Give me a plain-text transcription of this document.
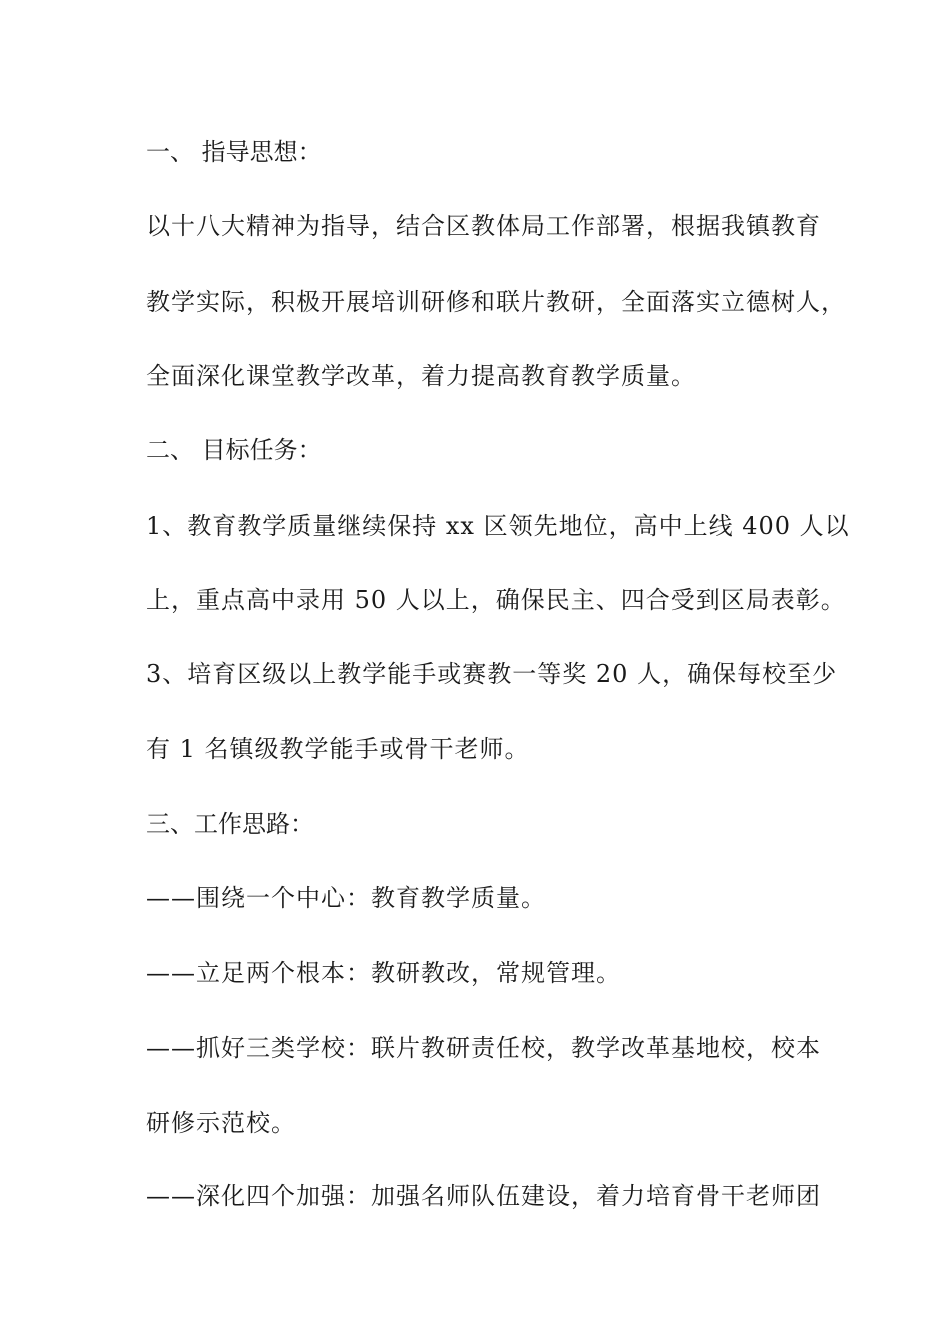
一、 指导思想：
以十八大精神为指导，结合区教体局工作部署，根据我镇教育
教学实际，积极开展培训研修和联片教研，全面落实立德树人，
全面深化课堂教学改革，着力提高教育教学质量。
二、 目标任务：
1、教育教学质量继续保持 xx 区领先地位，高中上线 400 人以
上，重点高中录用 50 人以上，确保民主、四合受到区局表彰。
3、培育区级以上教学能手或赛教一等奖 20 人，确保每校至少
有 1 名镇级教学能手或骨干老师。
三、工作思路：
——围绕一个中心：教育教学质量。
——立足两个根本：教研教改，常规管理。
——抓好三类学校：联片教研责任校，教学改革基地校，校本
研修示范校。
——深化四个加强：加强名师队伍建设，着力培育骨干老师团
